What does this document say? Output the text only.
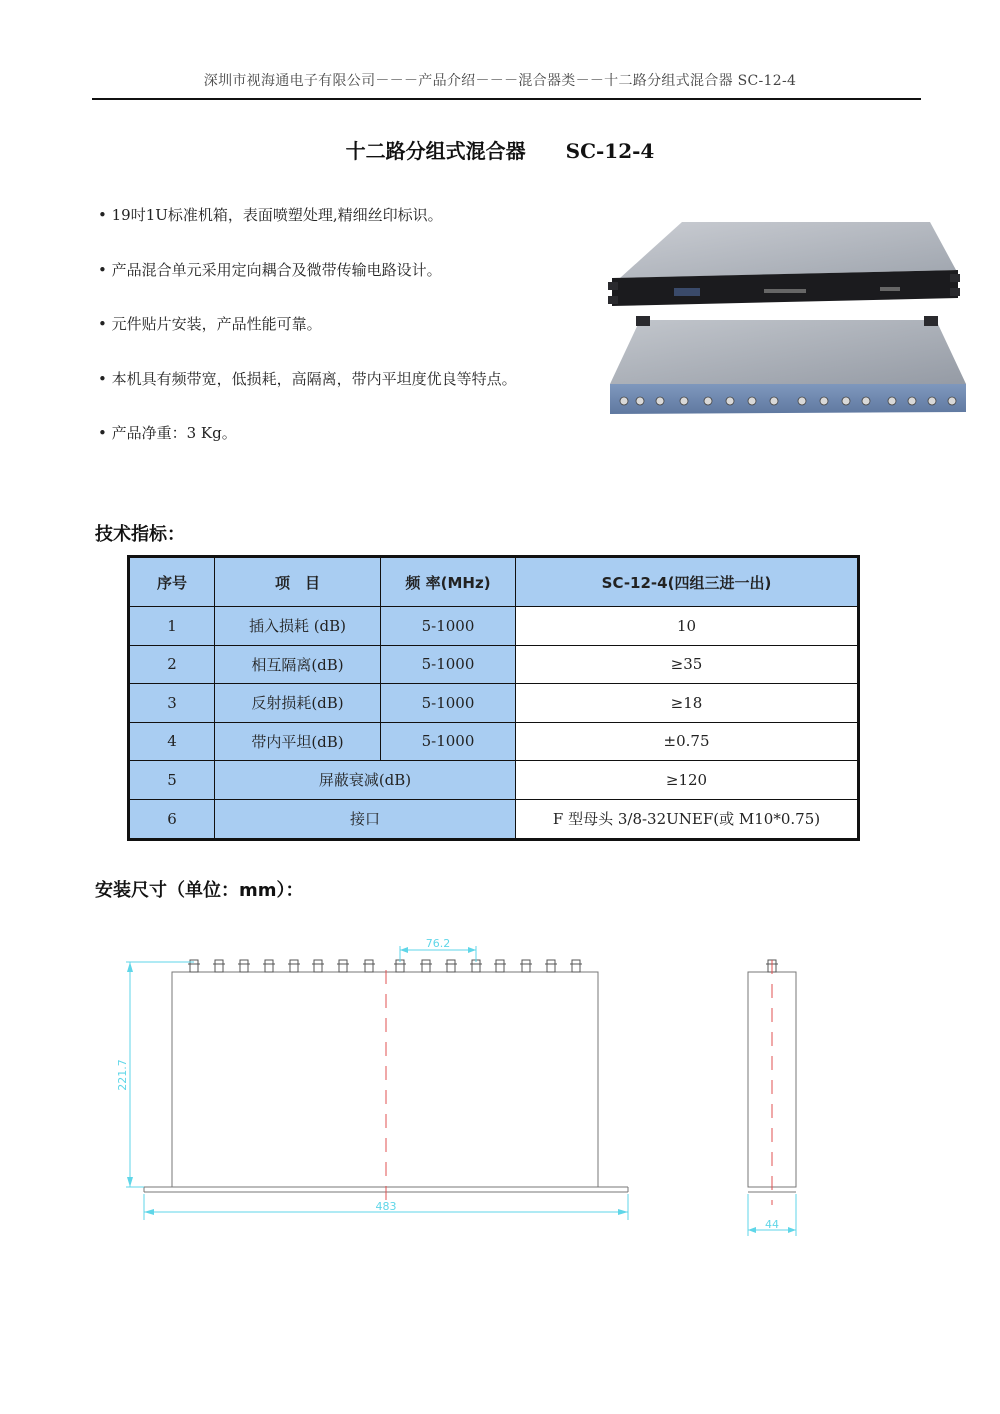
深圳市视海通电子有限公司－－－产品介绍－－－混合器类－－十二路分组式混合器 SC-12-4
十二路分组式混合器 SC-12-4
• 19吋1U标准机箱，表面喷塑处理,精细丝印标识。
• 产品混合单元采用定向耦合及微带传输电路设计。
• 元件贴片安装，产品性能可靠。
• 本机具有频带宽，低损耗，高隔离，带内平坦度优良等特点。
• 产品净重：3 Kg。
技术指标：
序号	项　目	频 率(MHz)	SC-12-4(四组三进一出)
1	插入损耗 (dB)	5-1000	10
2	相互隔离(dB)	5-1000	≥35
3	反射损耗(dB)	5-1000	≥18
4	带内平坦(dB)	5-1000	±0.75
5	屏蔽衰减(dB)		≥120
6	接口		F 型母头 3/8-32UNEF(或 M10*0.75)
安装尺寸（单位：mm）：
221.7
483
76.2
44
